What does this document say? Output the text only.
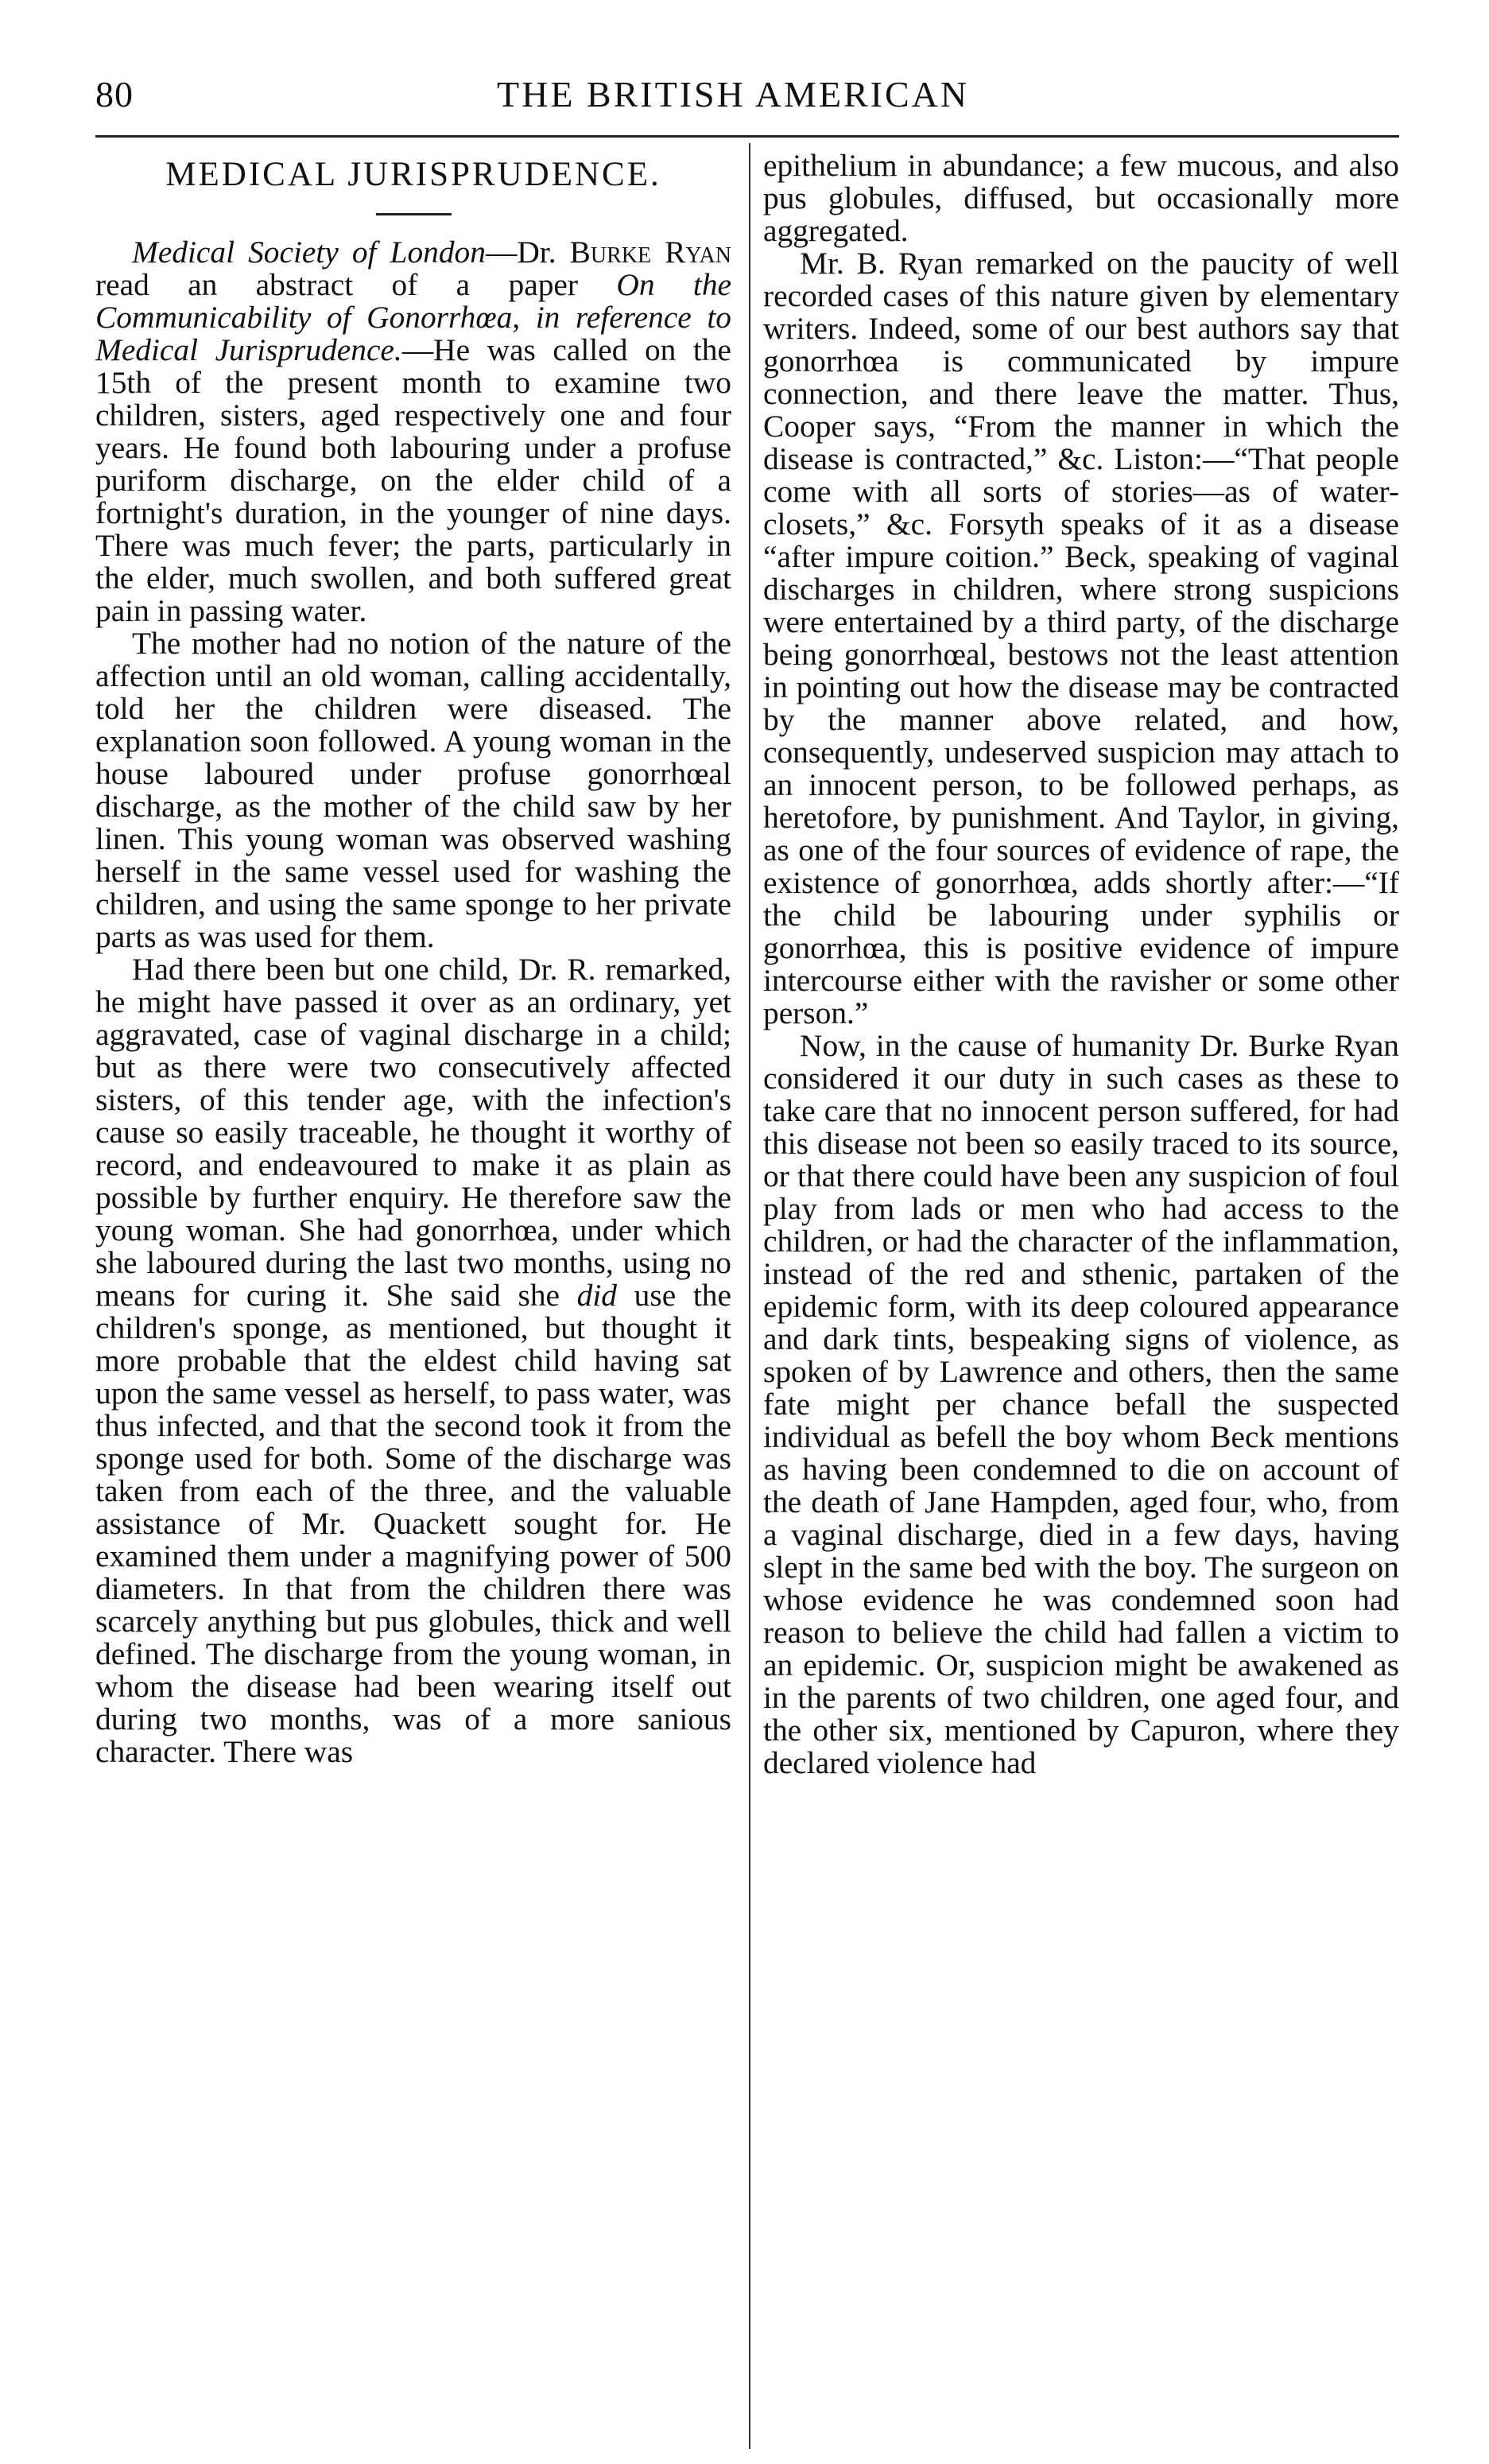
80	THE BRITISH AMERICAN
MEDICAL JURISPRUDENCE.

Medical Society of London—Dr. Burke Ryan read an abstract of a paper On the Communicability of Gonorrhœa, in reference to Medical Jurisprudence.—He was called on the 15th of the present month to examine two children, sisters, aged respectively one and four years. He found both labouring under a profuse puriform discharge, on the elder child of a fortnight's duration, in the younger of nine days. There was much fever; the parts, particularly in the elder, much swollen, and both suffered great pain in passing water.

The mother had no notion of the nature of the affection until an old woman, calling accidentally, told her the children were diseased. The explanation soon followed. A young woman in the house laboured under profuse gonorrhœal discharge, as the mother of the child saw by her linen. This young woman was observed washing herself in the same vessel used for washing the children, and using the same sponge to her private parts as was used for them.

Had there been but one child, Dr. R. remarked, he might have passed it over as an ordinary, yet aggravated, case of vaginal discharge in a child; but as there were two consecutively affected sisters, of this tender age, with the infection's cause so easily traceable, he thought it worthy of record, and endeavoured to make it as plain as possible by further enquiry. He therefore saw the young woman. She had gonorrhœa, under which she laboured during the last two months, using no means for curing it. She said she did use the children's sponge, as mentioned, but thought it more probable that the eldest child having sat upon the same vessel as herself, to pass water, was thus infected, and that the second took it from the sponge used for both. Some of the discharge was taken from each of the three, and the valuable assistance of Mr. Quackett sought for. He examined them under a magnifying power of 500 diameters. In that from the children there was scarcely anything but pus globules, thick and well defined. The discharge from the young woman, in whom the disease had been wearing itself out during two months, was of a more sanious character. There was

epithelium in abundance; a few mucous, and also pus globules, diffused, but occasionally more aggregated.

Mr. B. Ryan remarked on the paucity of well recorded cases of this nature given by elementary writers. Indeed, some of our best authors say that gonorrhœa is communicated by impure connection, and there leave the matter. Thus, Cooper says, “From the manner in which the disease is contracted,” &c. Liston:—“That people come with all sorts of stories—as of water-closets,” &c. Forsyth speaks of it as a disease “after impure coition.” Beck, speaking of vaginal discharges in children, where strong suspicions were entertained by a third party, of the discharge being gonorrhœal, bestows not the least attention in pointing out how the disease may be contracted by the manner above related, and how, consequently, undeserved suspicion may attach to an innocent person, to be followed perhaps, as heretofore, by punishment. And Taylor, in giving, as one of the four sources of evidence of rape, the existence of gonorrhœa, adds shortly after:—“If the child be labouring under syphilis or gonorrhœa, this is positive evidence of impure intercourse either with the ravisher or some other person.”

Now, in the cause of humanity Dr. Burke Ryan considered it our duty in such cases as these to take care that no innocent person suffered, for had this disease not been so easily traced to its source, or that there could have been any suspicion of foul play from lads or men who had access to the children, or had the character of the inflammation, instead of the red and sthenic, partaken of the epidemic form, with its deep coloured appearance and dark tints, bespeaking signs of violence, as spoken of by Lawrence and others, then the same fate might per chance befall the suspected individual as befell the boy whom Beck mentions as having been condemned to die on account of the death of Jane Hampden, aged four, who, from a vaginal discharge, died in a few days, having slept in the same bed with the boy. The surgeon on whose evidence he was condemned soon had reason to believe the child had fallen a victim to an epidemic. Or, suspicion might be awakened as in the parents of two children, one aged four, and the other six, mentioned by Capuron, where they declared violence had
